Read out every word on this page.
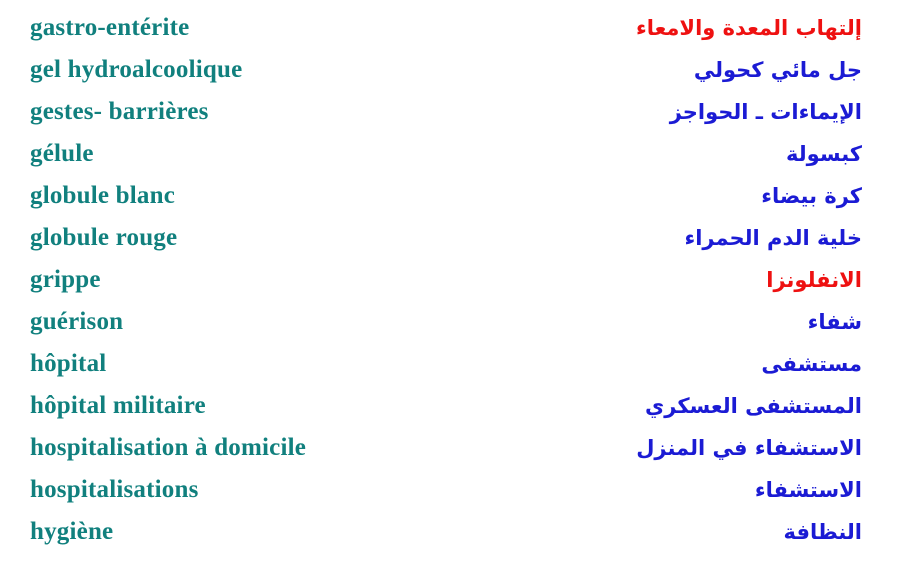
gastro-entérite	إلتهاب المعدة والامعاء
gel hydroalcoolique	جل مائي كحولي
gestes- barrières	الإيماءات ـ الحواجز
gélule	كبسولة
globule blanc	كرة بيضاء
globule rouge	خلية الدم الحمراء
grippe	الانفلونزا
guérison	شفاء
hôpital	مستشفى
hôpital militaire	المستشفى العسكري
hospitalisation à domicile	الاستشفاء في المنزل
hospitalisations	الاستشفاء
hygiène	النظافة
